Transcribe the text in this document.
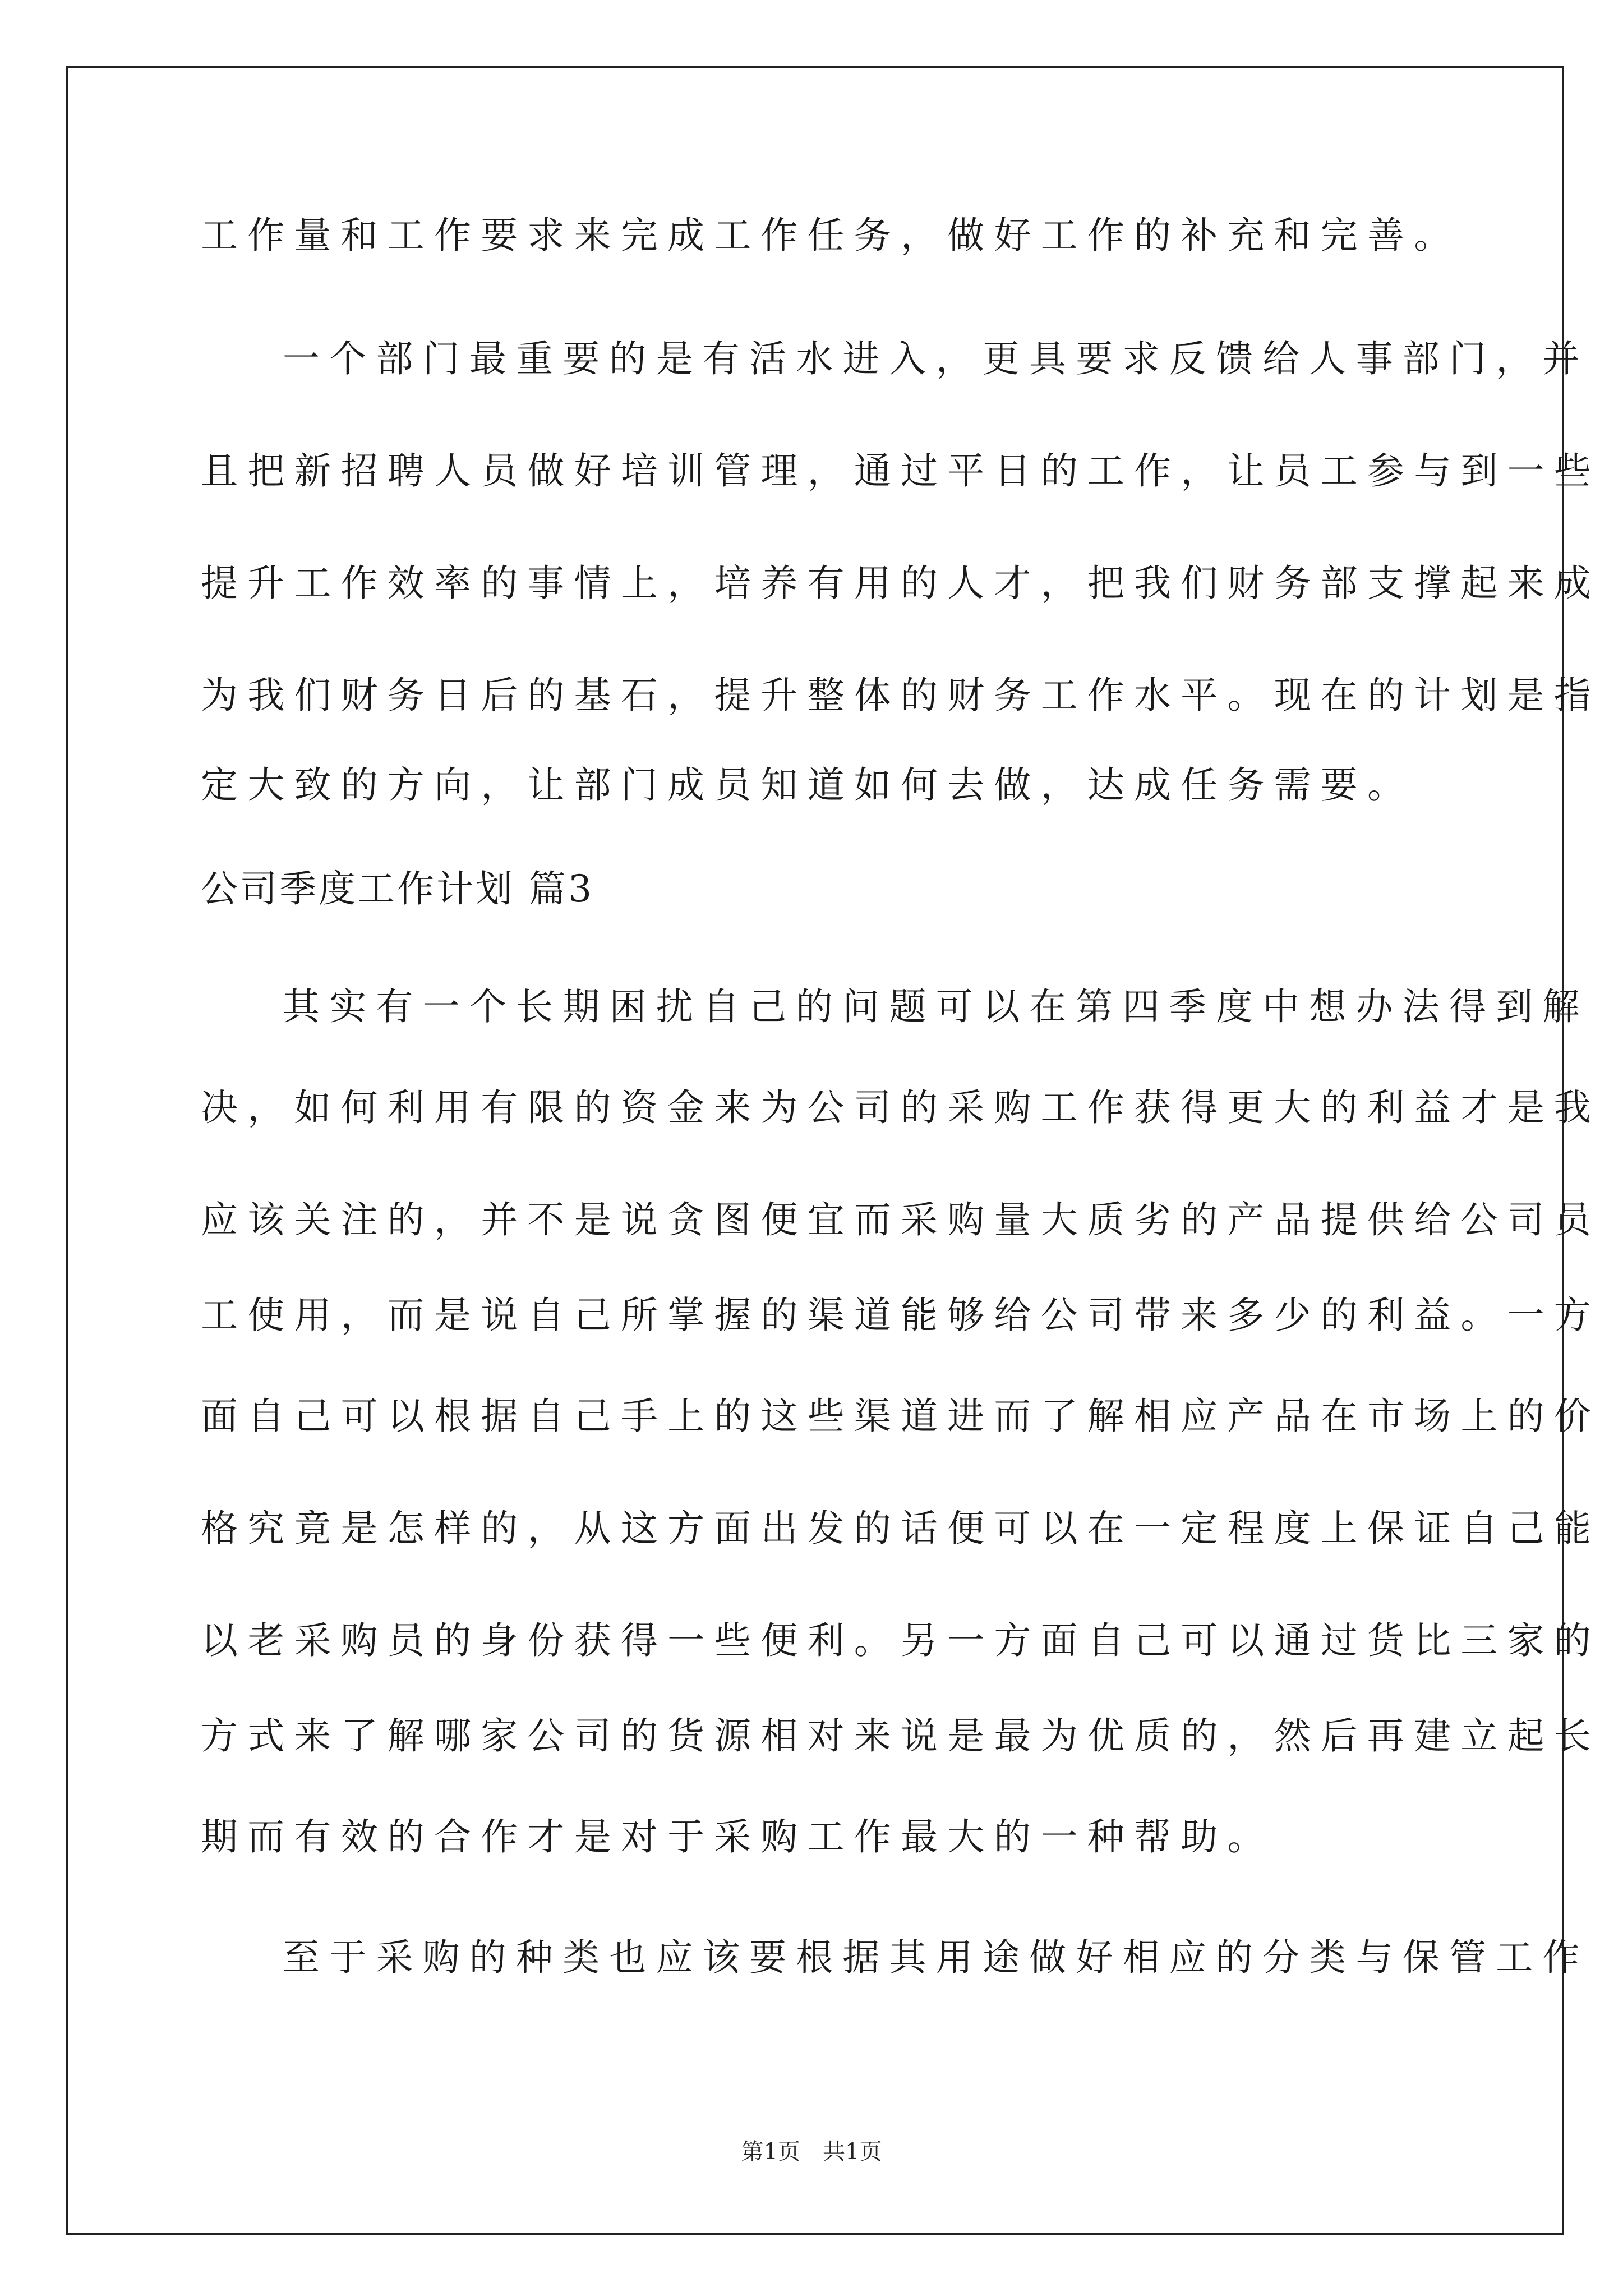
工作量和工作要求来完成工作任务，做好工作的补充和完善。
一个部门最重要的是有活水进入，更具要求反馈给人事部门，并
且把新招聘人员做好培训管理，通过平日的工作，让员工参与到一些
提升工作效率的事情上，培养有用的人才，把我们财务部支撑起来成
为我们财务日后的基石，提升整体的财务工作水平。现在的计划是指
定大致的方向，让部门成员知道如何去做，达成任务需要。
公司季度工作计划 篇3
其实有一个长期困扰自己的问题可以在第四季度中想办法得到解
决，如何利用有限的资金来为公司的采购工作获得更大的利益才是我
应该关注的，并不是说贪图便宜而采购量大质劣的产品提供给公司员
工使用，而是说自己所掌握的渠道能够给公司带来多少的利益。一方
面自己可以根据自己手上的这些渠道进而了解相应产品在市场上的价
格究竟是怎样的，从这方面出发的话便可以在一定程度上保证自己能
以老采购员的身份获得一些便利。另一方面自己可以通过货比三家的
方式来了解哪家公司的货源相对来说是最为优质的，然后再建立起长
期而有效的合作才是对于采购工作最大的一种帮助。
至于采购的种类也应该要根据其用途做好相应的分类与保管工作
第1页 共1页
